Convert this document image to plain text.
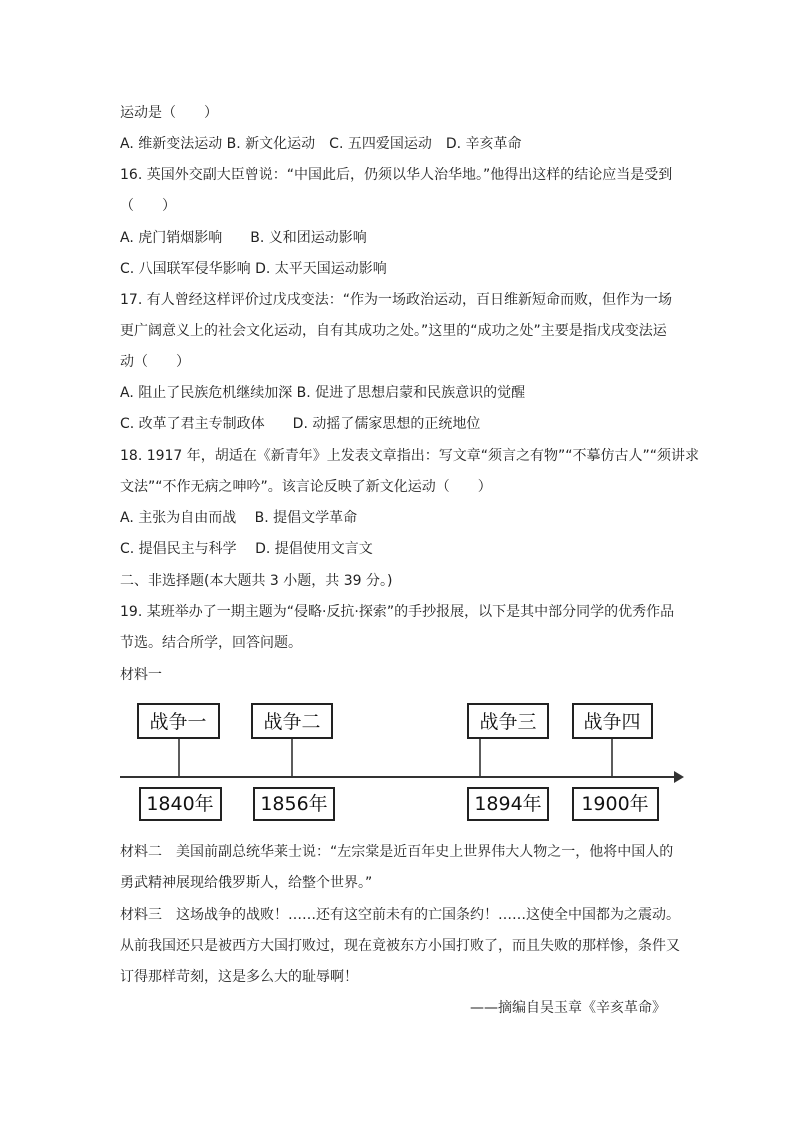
运动是（　　）
A. 维新变法运动 B. 新文化运动　C. 五四爱国运动　D. 辛亥革命
16. 英国外交副大臣曾说：“中国此后，仍须以华人治华地。”他得出这样的结论应当是受到
（　　）
A. 虎门销烟影响　　B. 义和团运动影响
C. 八国联军侵华影响 D. 太平天国运动影响
17. 有人曾经这样评价过戊戌变法：“作为一场政治运动，百日维新短命而败，但作为一场
更广阔意义上的社会文化运动，自有其成功之处。”这里的“成功之处”主要是指戊戌变法运
动（　　）
A. 阻止了民族危机继续加深 B. 促进了思想启蒙和民族意识的觉醒
C. 改革了君主专制政体　　D. 动摇了儒家思想的正统地位
18. 1917 年，胡适在《新青年》上发表文章指出：写文章“须言之有物”“不摹仿古人”“须讲求
文法”“不作无病之呻吟”。该言论反映了新文化运动（　　）
A. 主张为自由而战　 B. 提倡文学革命
C. 提倡民主与科学　 D. 提倡使用文言文
二、非选择题(本大题共 3 小题，共 39 分。)
19. 某班举办了一期主题为“侵略·反抗·探索”的手抄报展，以下是其中部分同学的优秀作品
节选。结合所学，回答问题。
材料一
战争一	战争二	战争三 战争四
1840年 1856年	1894年 1900年
材料二　美国前副总统华莱士说：“左宗棠是近百年史上世界伟大人物之一，他将中国人的
勇武精神展现给俄罗斯人，给整个世界。”
材料三　这场战争的战败！……还有这空前未有的亡国条约！……这使全中国都为之震动。
从前我国还只是被西方大国打败过，现在竟被东方小国打败了，而且失败的那样惨，条件又
订得那样苛刻，这是多么大的耻辱啊！
——摘编自吴玉章《辛亥革命》
